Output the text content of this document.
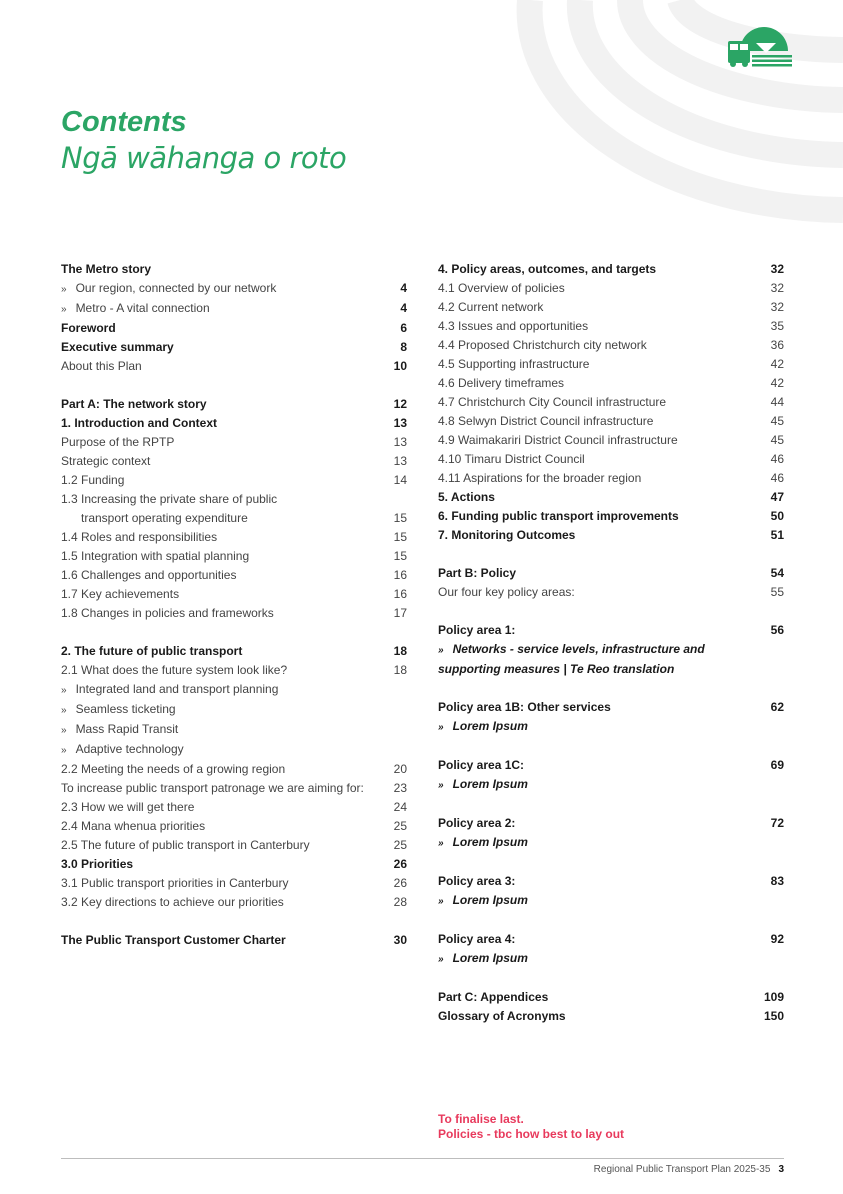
Contents
Ngā wāhanga o roto
The Metro story
» Our region, connected by our network	4
» Metro - A vital connection	4
Foreword	6
Executive summary	8
About this Plan	10
Part A: The network story	12
1. Introduction and Context	13
Purpose of the RPTP	13
Strategic context	13
1.2 Funding	14
1.3 Increasing the private share of public
transport operating expenditure	15
1.4 Roles and responsibilities	15
1.5 Integration with spatial planning	15
1.6 Challenges and opportunities	16
1.7 Key achievements	16
1.8 Changes in policies and frameworks	17
2. The future of public transport	18
2.1 What does the future system look like?	18
» Integrated land and transport planning
» Seamless ticketing
» Mass Rapid Transit
» Adaptive technology
2.2 Meeting the needs of a growing region	20
To increase public transport patronage we are aiming for:	23
2.3 How we will get there	24
2.4 Mana whenua priorities	25
2.5 The future of public transport in Canterbury	25
3.0 Priorities	26
3.1 Public transport priorities in Canterbury	26
3.2 Key directions to achieve our priorities	28
The Public Transport Customer Charter	30
4. Policy areas, outcomes, and targets	32
4.1 Overview of policies	32
4.2 Current network	32
4.3 Issues and opportunities	35
4.4 Proposed Christchurch city network	36
4.5 Supporting infrastructure	42
4.6 Delivery timeframes	42
4.7 Christchurch City Council infrastructure	44
4.8 Selwyn District Council infrastructure	45
4.9 Waimakariri District Council infrastructure	45
4.10 Timaru District Council	46
4.11 Aspirations for the broader region	46
5. Actions	47
6. Funding public transport improvements	50
7. Monitoring Outcomes	51
Part B: Policy	54
Our four key policy areas:	55
Policy area 1:	56
» Networks - service levels, infrastructure and supporting measures | Te Reo translation
Policy area 1B: Other services	62
» Lorem Ipsum
Policy area 1C:	69
» Lorem Ipsum
Policy area 2:	72
» Lorem Ipsum
Policy area 3:	83
» Lorem Ipsum
Policy area 4:	92
» Lorem Ipsum
Part C: Appendices	109
Glossary of Acronyms	150
To finalise last.
Policies - tbc how best to lay out
Regional Public Transport Plan 2025-35 3
